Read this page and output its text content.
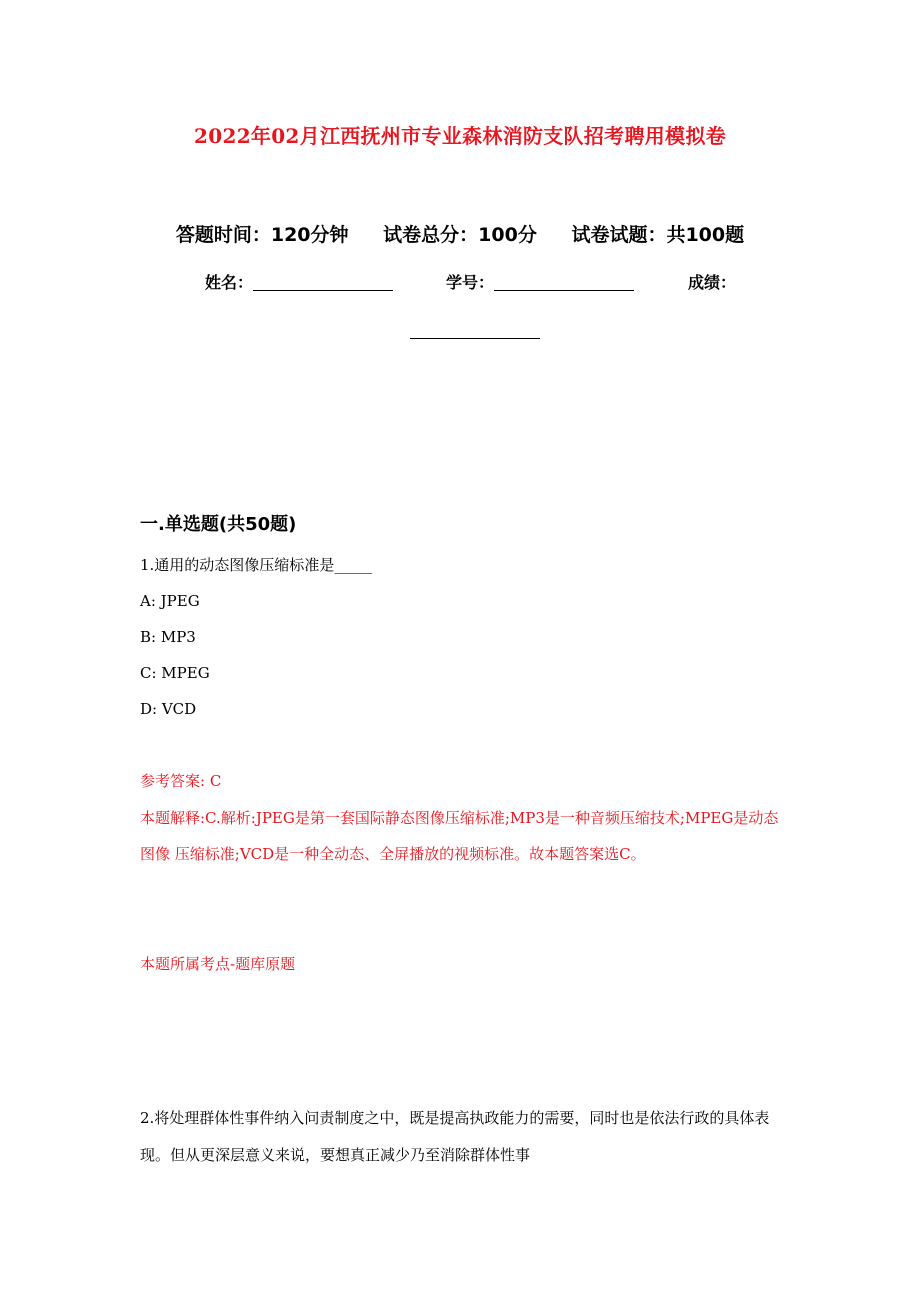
2022年02月江西抚州市专业森林消防支队招考聘用模拟卷
答题时间：120分钟 试卷总分：100分 试卷试题：共100题
姓名：	学号：	成绩：
一.单选题(共50题)
1.通用的动态图像压缩标准是_____
A: JPEG
B: MP3
C: MPEG
D: VCD
参考答案: C
本题解释:C.解析:JPEG是第一套国际静态图像压缩标准;MP3是一种音频压缩技术;MPEG是动态图像 压缩标准;VCD是一种全动态、全屏播放的视频标准。故本题答案选C。
本题所属考点-题库原题
2.将处理群体性事件纳入问责制度之中，既是提高执政能力的需要，同时也是依法行政的具体表现。但从更深层意义来说，要想真正减少乃至消除群体性事
